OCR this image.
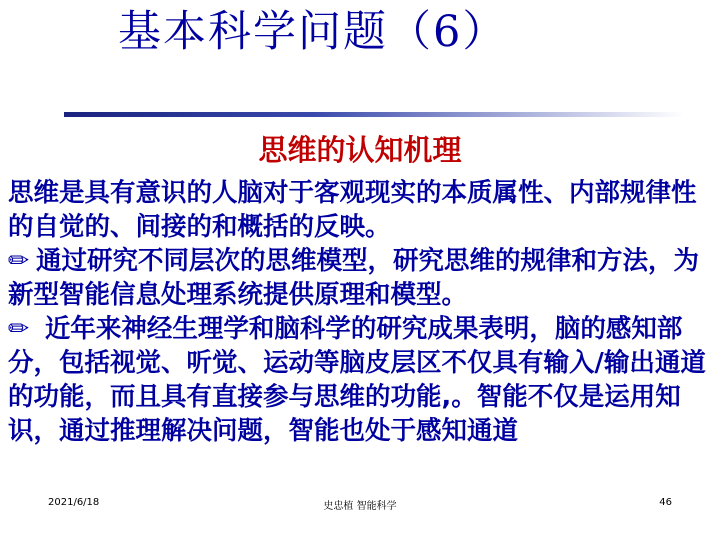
基本科学问题（6）
思维的认知机理

思维是具有意识的人脑对于客观现实的本质属性、内部规律性的自觉的、间接的和概括的反映。

✏ 通过研究不同层次的思维模型，研究思维的规律和方法，为新型智能信息处理系统提供原理和模型。

✏ 近年来神经生理学和脑科学的研究成果表明，脑的感知部分，包括视觉、听觉、运动等脑皮层区不仅具有输入/输出通道的功能，而且具有直接参与思维的功能,。智能不仅是运用知识，通过推理解决问题，智能也处于感知通道

2021/6/18	史忠植 智能科学	46
